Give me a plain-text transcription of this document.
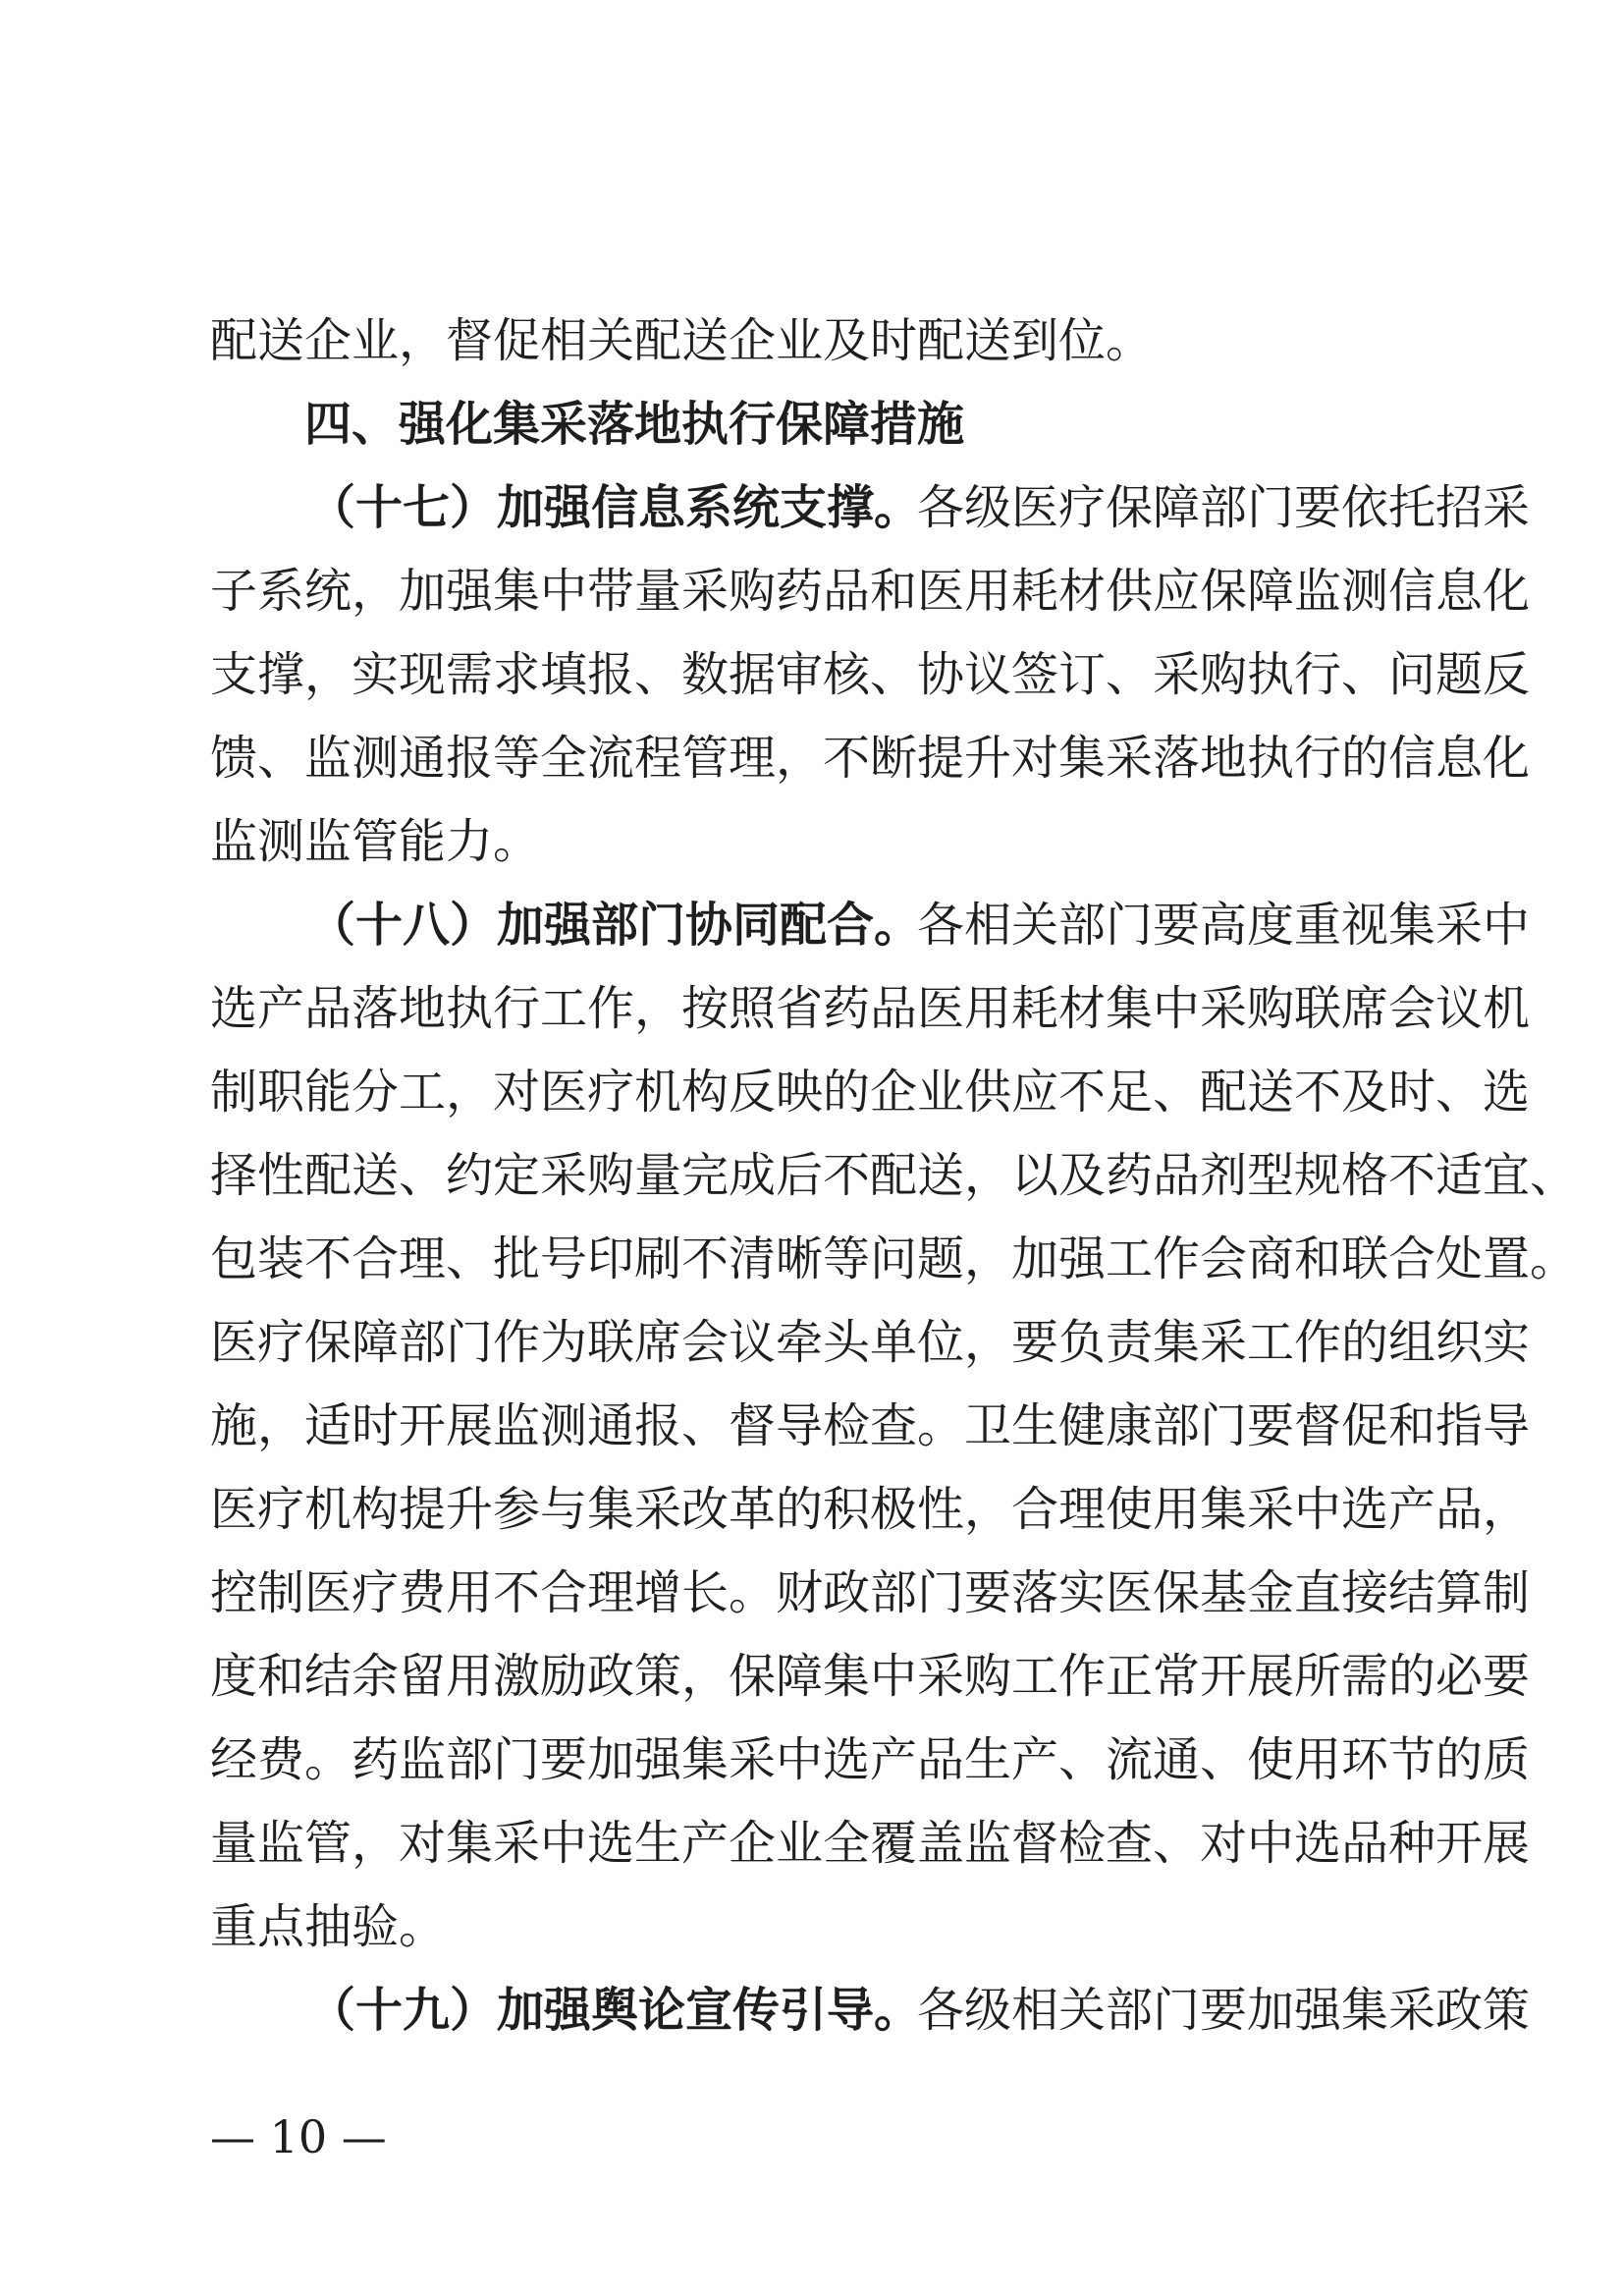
配送企业，督促相关配送企业及时配送到位。
四、强化集采落地执行保障措施
（十七）加强信息系统支撑。
各级医疗保障部门要依托招采
子系统，加强集中带量采购药品和医用耗材供应保障监测信息化
支撑，实现需求填报、数据审核、协议签订、采购执行、问题反
馈、监测通报等全流程管理，不断提升对集采落地执行的信息化
监测监管能力。
（十八）加强部门协同配合。
各相关部门要高度重视集采中
选产品落地执行工作，按照省药品医用耗材集中采购联席会议机
制职能分工，对医疗机构反映的企业供应不足、配送不及时、选
择性配送、约定采购量完成后不配送，以及药品剂型规格不适宜、
包装不合理、批号印刷不清晰等问题，加强工作会商和联合处置。
医疗保障部门作为联席会议牵头单位，要负责集采工作的组织实
施，适时开展监测通报、督导检查。卫生健康部门要督促和指导
医疗机构提升参与集采改革的积极性，合理使用集采中选产品，
控制医疗费用不合理增长。财政部门要落实医保基金直接结算制
度和结余留用激励政策，保障集中采购工作正常开展所需的必要
经费。药监部门要加强集采中选产品生产、流通、使用环节的质
量监管，对集采中选生产企业全覆盖监督检查、对中选品种开展
重点抽验。
（十九）加强舆论宣传引导。
各级相关部门要加强集采政策
— 10 —
